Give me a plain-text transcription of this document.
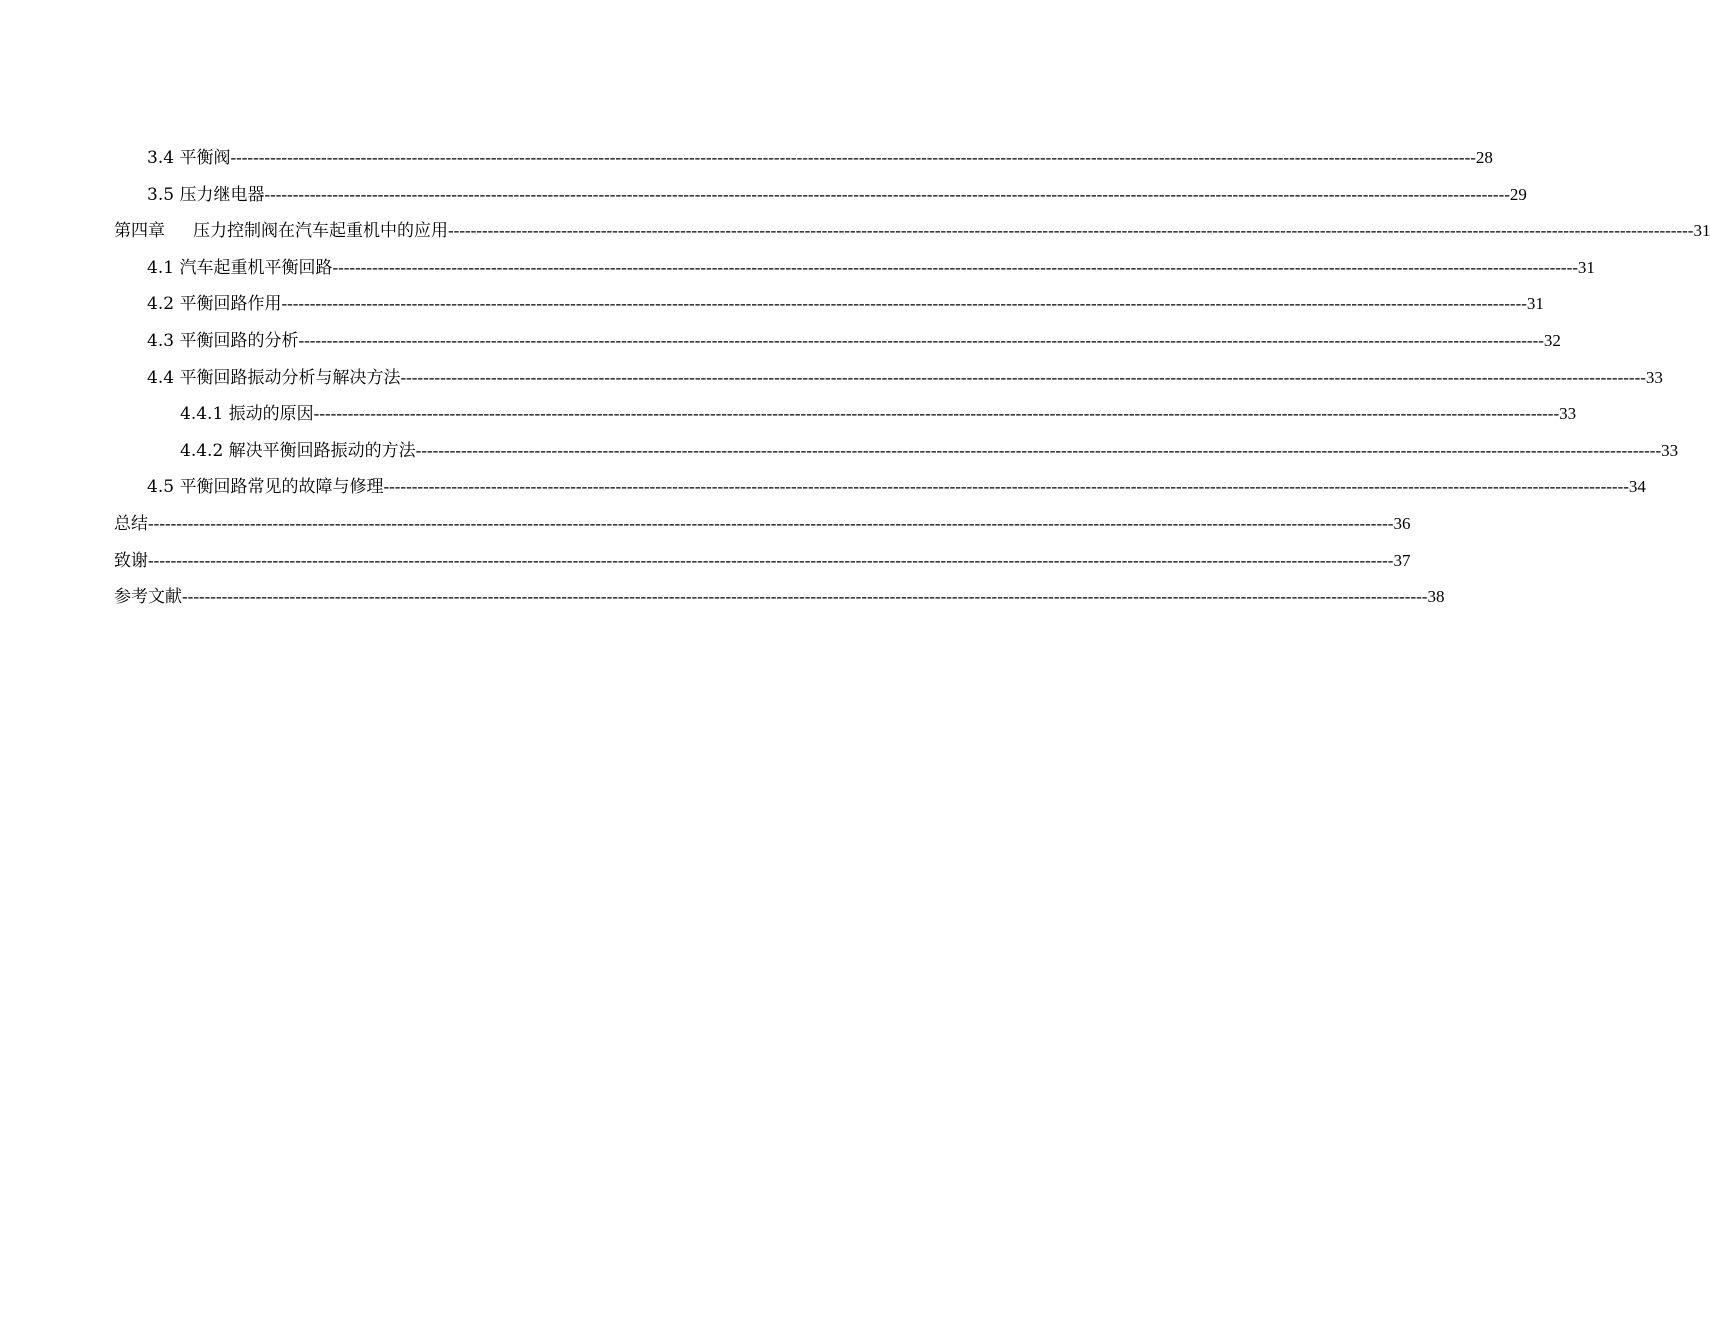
3.4 平衡阀 ---------------------------------------------------------------------------------------------------------------------------------------------------------------------------------------------------------------------------- 28
3.5 压力继电器 ---------------------------------------------------------------------------------------------------------------------------------------------------------------------------------------------------------------------------- 29
第四章 压力控制阀在汽车起重机中的应用 ---------------------------------------------------------------------------------------------------------------------------------------------------------------------------------------------------------------------------- 31
4.1 汽车起重机平衡回路 ---------------------------------------------------------------------------------------------------------------------------------------------------------------------------------------------------------------------------- 31
4.2 平衡回路作用 ---------------------------------------------------------------------------------------------------------------------------------------------------------------------------------------------------------------------------- 31
4.3 平衡回路的分析 ---------------------------------------------------------------------------------------------------------------------------------------------------------------------------------------------------------------------------- 32
4.4 平衡回路振动分析与解决方法 ---------------------------------------------------------------------------------------------------------------------------------------------------------------------------------------------------------------------------- 33
4.4.1 振动的原因 ---------------------------------------------------------------------------------------------------------------------------------------------------------------------------------------------------------------------------- 33
4.4.2 解决平衡回路振动的方法 ---------------------------------------------------------------------------------------------------------------------------------------------------------------------------------------------------------------------------- 33
4.5 平衡回路常见的故障与修理 ---------------------------------------------------------------------------------------------------------------------------------------------------------------------------------------------------------------------------- 34
总结 ---------------------------------------------------------------------------------------------------------------------------------------------------------------------------------------------------------------------------- 36
致谢 ---------------------------------------------------------------------------------------------------------------------------------------------------------------------------------------------------------------------------- 37
参考文献 ---------------------------------------------------------------------------------------------------------------------------------------------------------------------------------------------------------------------------- 38
